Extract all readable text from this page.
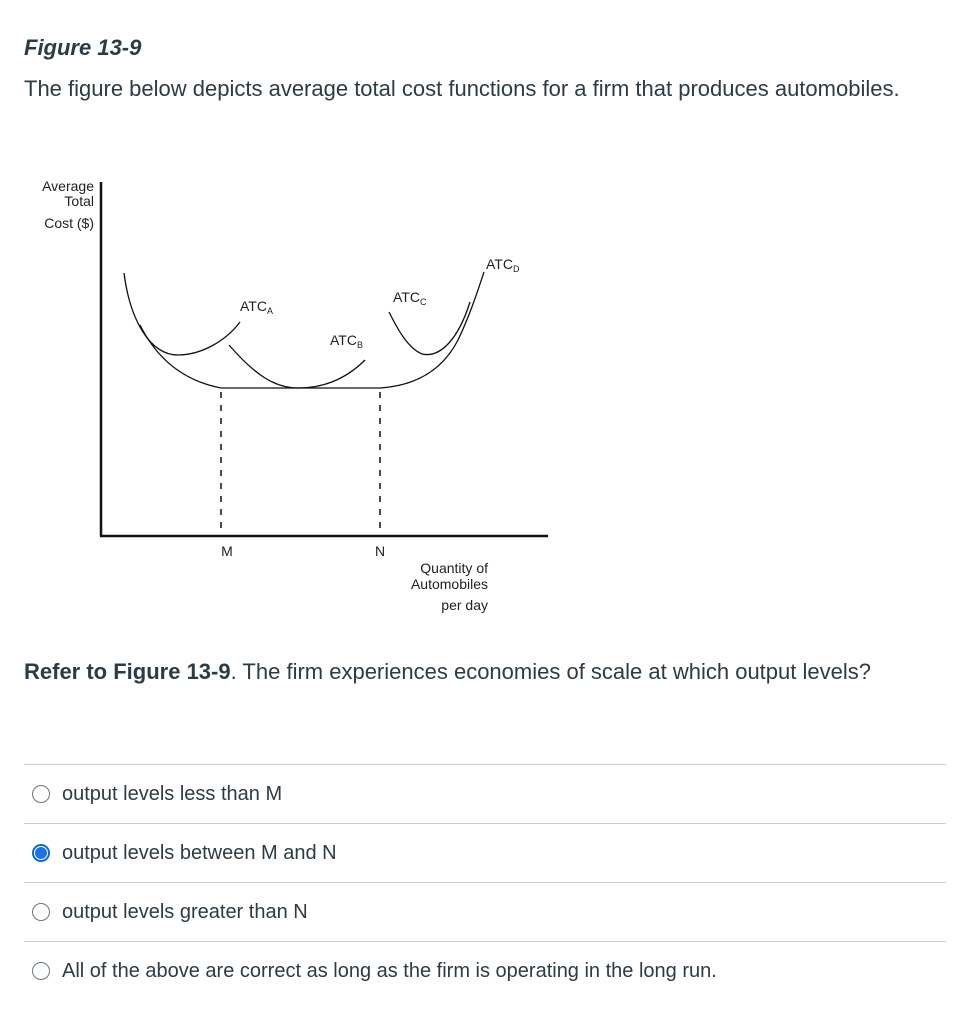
Figure 13-9

The figure below depicts average total cost functions for a firm that produces automobiles.

Average
Total
Cost ($)
$ATC_A$
$ATC_B$
$ATC_C$
$ATC_D$
M	N
Quantity of
Automobiles
per day

Refer to Figure 13-9. The firm experiences economies of scale at which output levels?

output levels less than M
output levels between M and N
output levels greater than N
All of the above are correct as long as the firm is operating in the long run.
